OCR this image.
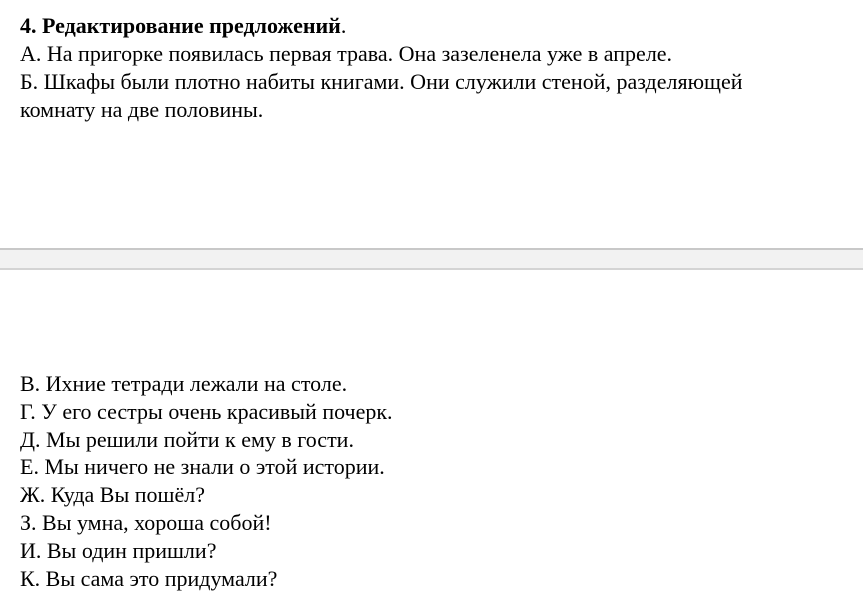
4. Редактирование предложений.
А. На пригорке появилась первая трава. Она зазеленела уже в апреле.
Б. Шкафы были плотно набиты книгами. Они служили стеной, разделяющей
комнату на две половины.
В. Ихние тетради лежали на столе.
Г. У его сестры очень красивый почерк.
Д. Мы решили пойти к ему в гости.
Е. Мы ничего не знали о этой истории.
Ж. Куда Вы пошёл?
З. Вы умна, хороша собой!
И. Вы один пришли?
К. Вы сама это придумали?
